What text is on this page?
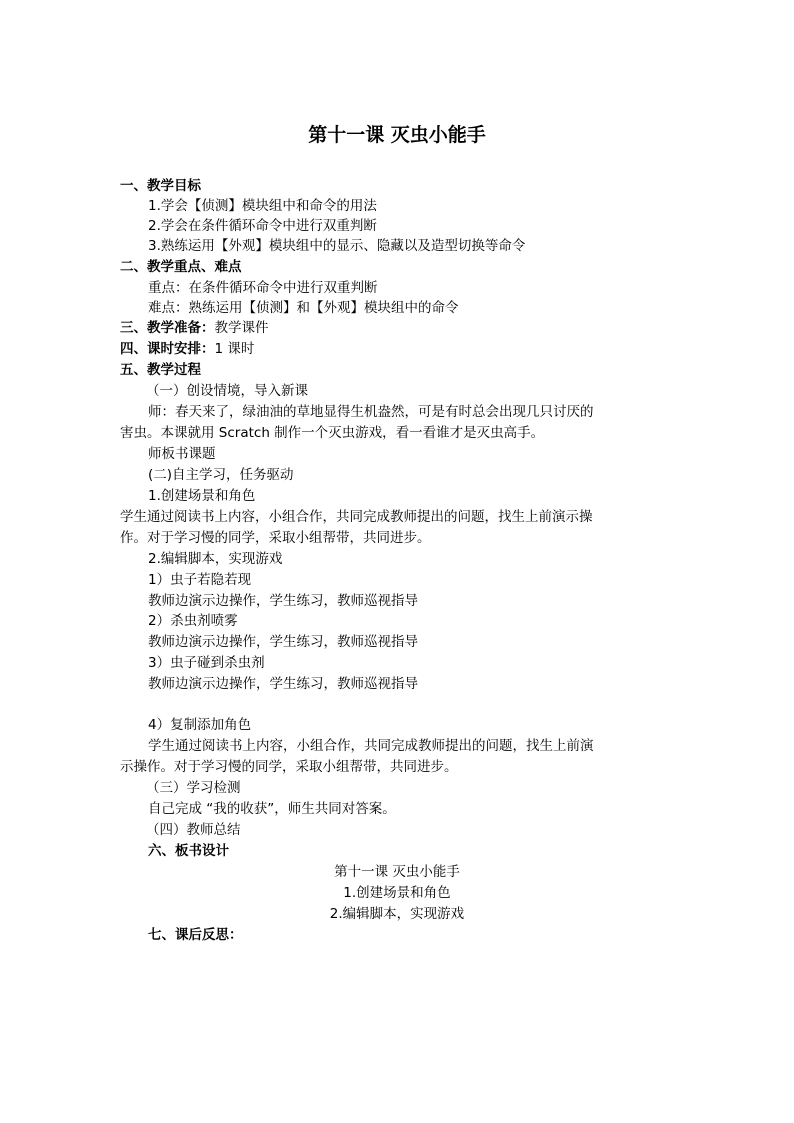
第十一课 灭虫小能手
一、教学目标
1.学会【侦测】模块组中和命令的用法
2.学会在条件循环命令中进行双重判断
3.熟练运用【外观】模块组中的显示、隐藏以及造型切换等命令
二、教学重点、难点
重点：在条件循环命令中进行双重判断
难点：熟练运用【侦测】和【外观】模块组中的命令
三、教学准备：教学课件
四、课时安排：1 课时
五、教学过程
（一）创设情境，导入新课
师：春天来了，绿油油的草地显得生机盎然，可是有时总会出现几只讨厌的
害虫。本课就用 Scratch 制作一个灭虫游戏，看一看谁才是灭虫高手。
师板书课题
(二)自主学习，任务驱动
1.创建场景和角色
学生通过阅读书上内容，小组合作，共同完成教师提出的问题，找生上前演示操
作。对于学习慢的同学，采取小组帮带，共同进步。
2.编辑脚本，实现游戏
1）虫子若隐若现
教师边演示边操作，学生练习，教师巡视指导
2）杀虫剂喷雾
教师边演示边操作，学生练习，教师巡视指导
3）虫子碰到杀虫剂
教师边演示边操作，学生练习，教师巡视指导
4）复制添加角色
学生通过阅读书上内容，小组合作，共同完成教师提出的问题，找生上前演
示操作。对于学习慢的同学，采取小组帮带，共同进步。
（三）学习检测
自己完成 “我的收获”，师生共同对答案。
（四）教师总结
六、板书设计
第十一课 灭虫小能手
1.创建场景和角色
2.编辑脚本，实现游戏
七、课后反思：
